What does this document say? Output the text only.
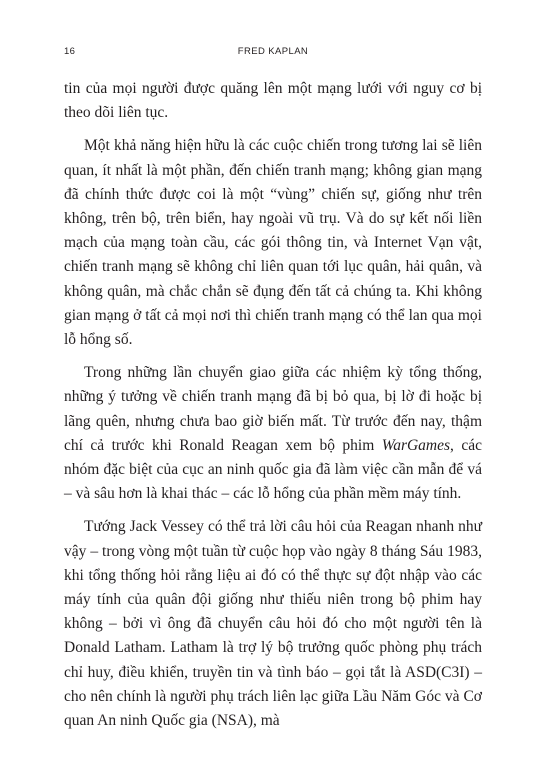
16	FRED KAPLAN

tin của mọi người được quăng lên một mạng lưới với nguy cơ bị theo dõi liên tục.

Một khả năng hiện hữu là các cuộc chiến trong tương lai sẽ liên quan, ít nhất là một phần, đến chiến tranh mạng; không gian mạng đã chính thức được coi là một “vùng” chiến sự, giống như trên không, trên bộ, trên biển, hay ngoài vũ trụ. Và do sự kết nối liền mạch của mạng toàn cầu, các gói thông tin, và Internet Vạn vật, chiến tranh mạng sẽ không chỉ liên quan tới lục quân, hải quân, và không quân, mà chắc chắn sẽ đụng đến tất cả chúng ta. Khi không gian mạng ở tất cả mọi nơi thì chiến tranh mạng có thể lan qua mọi lỗ hổng số.

Trong những lần chuyển giao giữa các nhiệm kỳ tổng thống, những ý tưởng về chiến tranh mạng đã bị bỏ qua, bị lờ đi hoặc bị lãng quên, nhưng chưa bao giờ biến mất. Từ trước đến nay, thậm chí cả trước khi Ronald Reagan xem bộ phim WarGames, các nhóm đặc biệt của cục an ninh quốc gia đã làm việc cần mẫn để vá – và sâu hơn là khai thác – các lỗ hổng của phần mềm máy tính.

Tướng Jack Vessey có thể trả lời câu hỏi của Reagan nhanh như vậy – trong vòng một tuần từ cuộc họp vào ngày 8 tháng Sáu 1983, khi tổng thống hỏi rằng liệu ai đó có thể thực sự đột nhập vào các máy tính của quân đội giống như thiếu niên trong bộ phim hay không – bởi vì ông đã chuyển câu hỏi đó cho một người tên là Donald Latham. Latham là trợ lý bộ trưởng quốc phòng phụ trách chỉ huy, điều khiển, truyền tin và tình báo – gọi tắt là ASD(C3I) – cho nên chính là người phụ trách liên lạc giữa Lầu Năm Góc và Cơ quan An ninh Quốc gia (NSA), mà
